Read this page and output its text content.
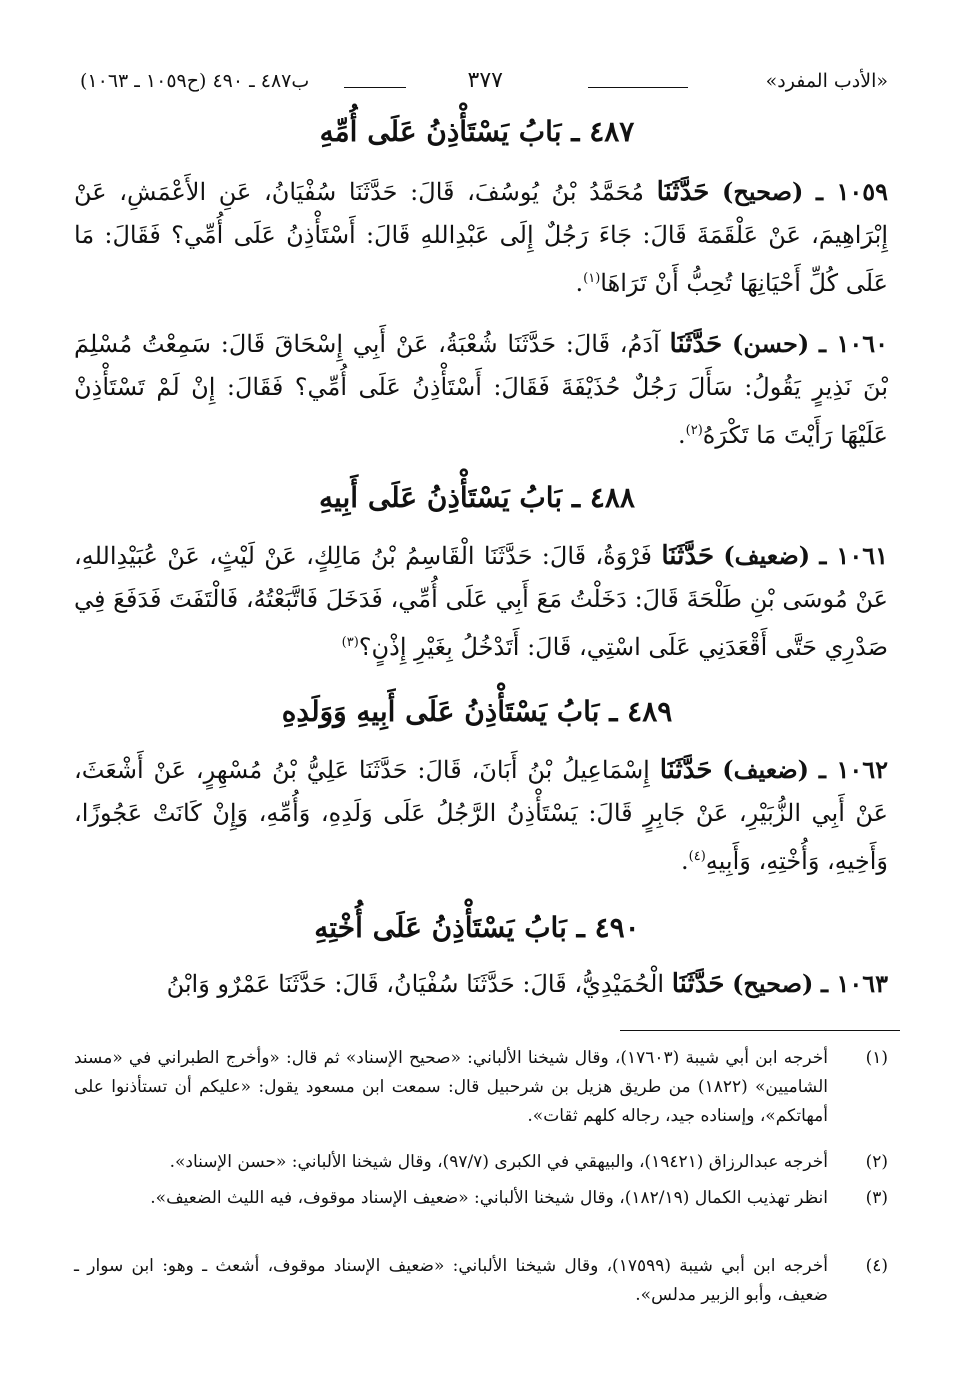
«الأدب المفرد»
٣٧٧
ب٤٨٧ ـ ٤٩٠ (ح١٠٥٩ ـ ١٠٦٣)
٤٨٧ ـ بَابُ يَسْتَأْذِنُ عَلَى أُمِّهِ
١٠٥٩ ـ (صحيح) حَدَّثَنَا مُحَمَّدُ بْنُ يُوسُفَ، قَالَ: حَدَّثَنَا سُفْيَانُ، عَنِ الأَعْمَشِ، عَنْ إِبْرَاهِيمَ، عَنْ عَلْقَمَةَ قَالَ: جَاءَ رَجُلٌ إِلَى عَبْدِاللهِ قَالَ: أَسْتَأْذِنُ عَلَى أُمِّي؟ فَقَالَ: مَا عَلَى كُلِّ أَحْيَانِهَا تُحِبُّ أَنْ تَرَاهَا$^{(١)}$.
١٠٦٠ ـ (حسن) حَدَّثَنَا آدَمُ، قَالَ: حَدَّثَنَا شُعْبَةُ، عَنْ أَبِي إِسْحَاقَ قَالَ: سَمِعْتُ مُسْلِمَ بْنَ نَذِيرٍ يَقُولُ: سَأَلَ رَجُلٌ حُذَيْفَةَ فَقَالَ: أَسْتَأْذِنُ عَلَى أُمِّي؟ فَقَالَ: إِنْ لَمْ تَسْتَأْذِنْ عَلَيْهَا رَأَيْتَ مَا تَكْرَهُ$^{(٢)}$.
٤٨٨ ـ بَابُ يَسْتَأْذِنُ عَلَى أَبِيهِ
١٠٦١ ـ (ضعيف) حَدَّثَنَا فَرْوَةُ، قَالَ: حَدَّثَنَا الْقَاسِمُ بْنُ مَالِكٍ، عَنْ لَيْثٍ، عَنْ عُبَيْدِاللهِ، عَنْ مُوسَى بْنِ طَلْحَةَ قَالَ: دَخَلْتُ مَعَ أَبِي عَلَى أُمِّي، فَدَخَلَ فَاتَّبَعْتُهُ، فَالْتَفَتَ فَدَفَعَ فِي صَدْرِي حَتَّى أَقْعَدَنِي عَلَى اسْتِي، قَالَ: أَتَدْخُلُ بِغَيْرِ إِذْنٍ؟$^{(٣)}$
٤٨٩ ـ بَابُ يَسْتَأْذِنُ عَلَى أَبِيهِ وَوَلَدِهِ
١٠٦٢ ـ (ضعيف) حَدَّثَنَا إِسْمَاعِيلُ بْنُ أَبَانَ، قَالَ: حَدَّثَنَا عَلِيُّ بْنُ مُسْهِرٍ، عَنْ أَشْعَثَ، عَنْ أَبِي الزُّبَيْرِ، عَنْ جَابِرٍ قَالَ: يَسْتَأْذِنُ الرَّجُلُ عَلَى وَلَدِهِ، وَأُمِّهِ، وَإِنْ كَانَتْ عَجُوزًا، وَأَخِيهِ، وَأُخْتِهِ، وَأَبِيهِ$^{(٤)}$.
٤٩٠ ـ بَابُ يَسْتَأْذِنُ عَلَى أُخْتِهِ
١٠٦٣ ـ (صحيح) حَدَّثَنَا الْحُمَيْدِيُّ، قَالَ: حَدَّثَنَا سُفْيَانُ، قَالَ: حَدَّثَنَا عَمْرٌو وَابْنُ
(١)
أخرجه ابن أبي شيبة (١٧٦٠٣)، وقال شيخنا الألباني: «صحيح الإسناد» ثم قال: «وأخرج الطبراني في «مسند الشاميين» (١٨٢٢) من طريق هزيل بن شرحبيل قال: سمعت ابن مسعود يقول: «عليكم أن تستأذنوا على أمهاتكم»، وإسناده جيد، رجاله كلهم ثقات».
(٢)
أخرجه عبدالرزاق (١٩٤٢١)، والبيهقي في الكبرى (٩٧/٧)، وقال شيخنا الألباني: «حسن الإسناد».
(٣)
انظر تهذيب الكمال (١٨٢/١٩)، وقال شيخنا الألباني: «ضعيف الإسناد موقوف، فيه الليث الضعيف».
(٤)
أخرجه ابن أبي شيبة (١٧٥٩٩)، وقال شيخنا الألباني: «ضعيف الإسناد موقوف، أشعث ـ وهو: ابن سوار ـ ضعيف، وأبو الزبير مدلس».
